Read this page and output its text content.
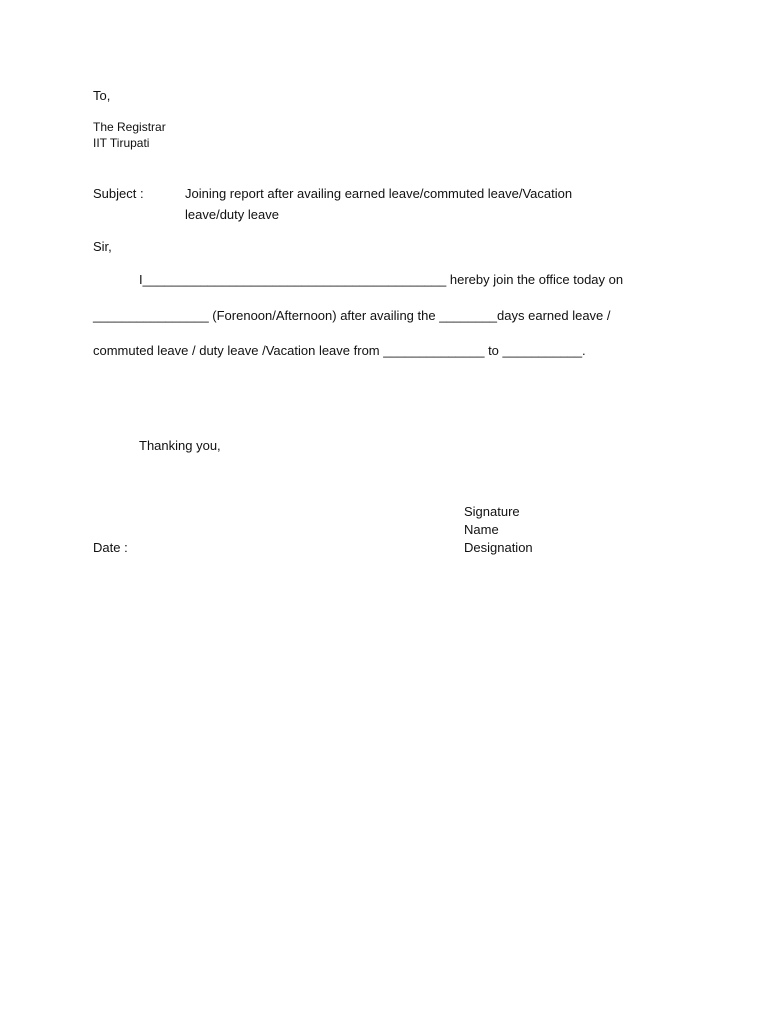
To,
The Registrar
IIT Tirupati
Subject :	Joining report after availing earned leave/commuted leave/Vacation
leave/duty leave
Sir,
I__________________________________________ hereby join the office today on
________________ (Forenoon/Afternoon) after availing the ________days earned leave /
commuted leave / duty leave /Vacation leave from ______________ to ___________.
Thanking you,
Signature
Name
Designation
Date :
